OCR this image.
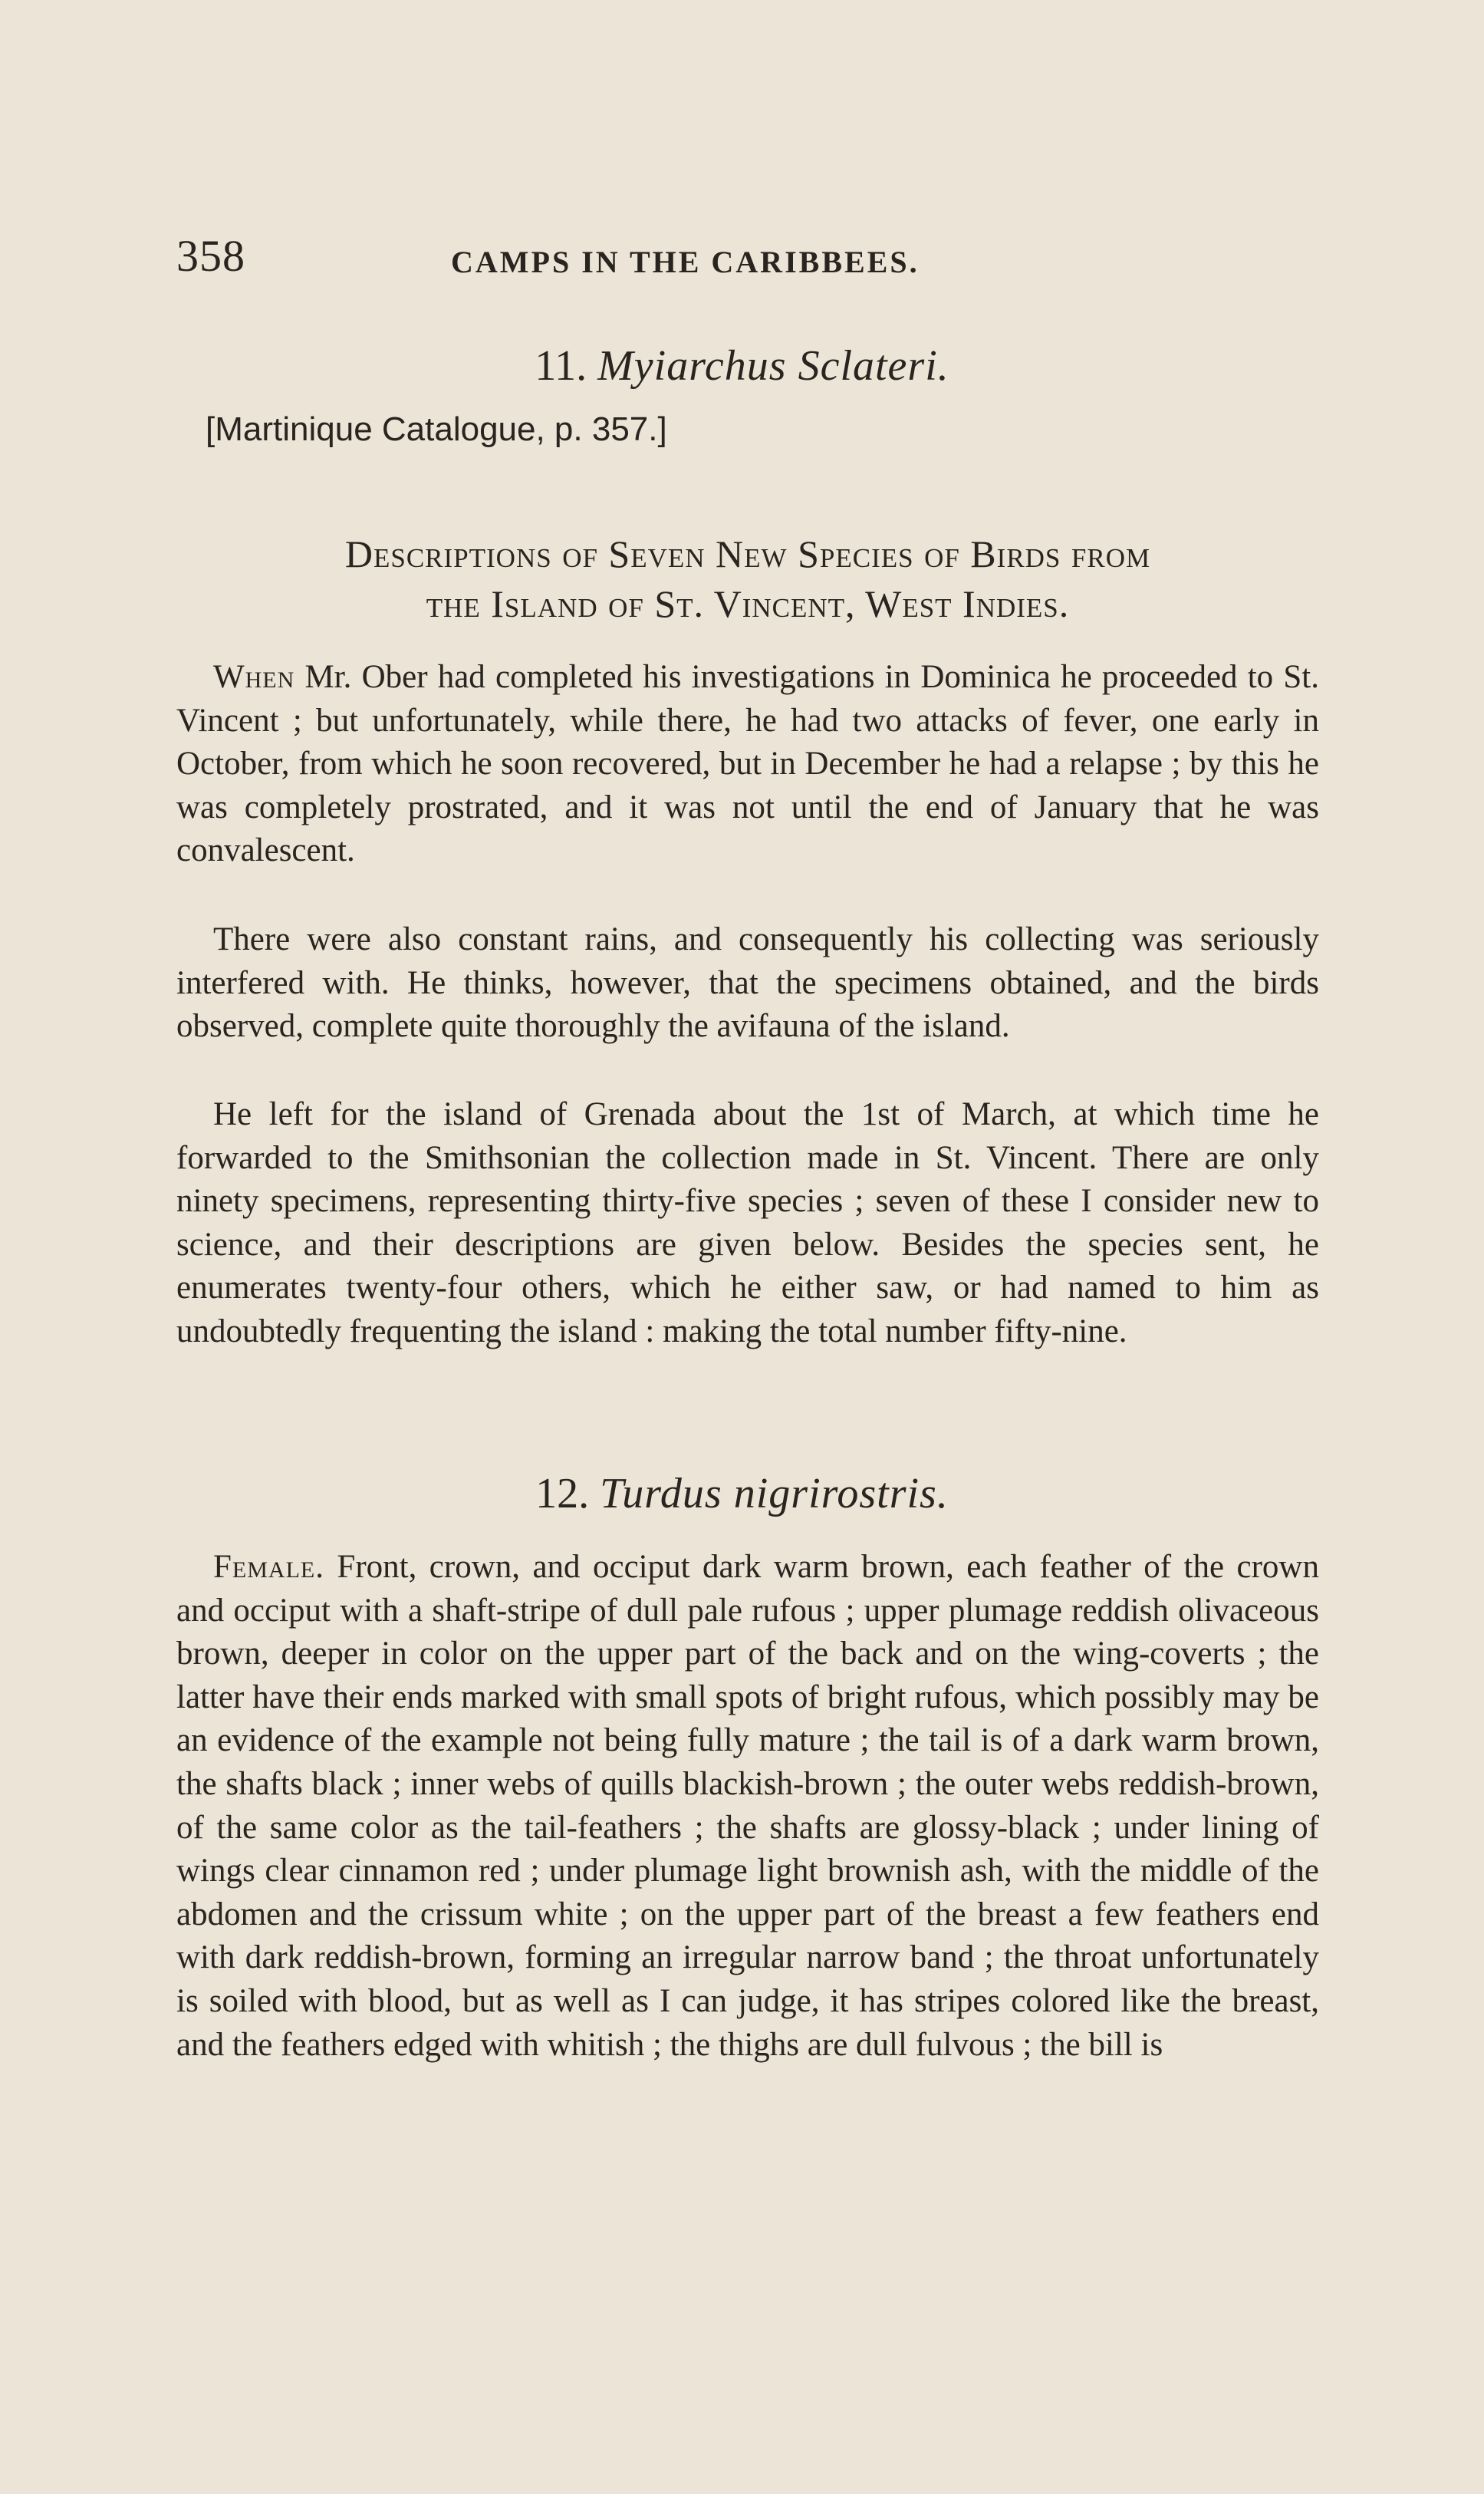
358	CAMPS IN THE CARIBBEES.
11. Myiarchus Sclateri.
[Martinique Catalogue, p. 357.]
Descriptions of Seven New Species of Birds from
the Island of St. Vincent, West Indies.

When Mr. Ober had completed his investigations in Dominica he proceeded to St. Vincent ; but unfortunately, while there, he had two attacks of fever, one early in October, from which he soon recovered, but in December he had a relapse ; by this he was completely prostrated, and it was not until the end of January that he was convalescent.

There were also constant rains, and consequently his collecting was seriously interfered with. He thinks, however, that the specimens obtained, and the birds observed, complete quite thoroughly the avifauna of the island.

He left for the island of Grenada about the 1st of March, at which time he forwarded to the Smithsonian the collection made in St. Vincent. There are only ninety specimens, representing thirty-five species ; seven of these I consider new to science, and their descriptions are given below. Besides the species sent, he enumerates twenty-four others, which he either saw, or had named to him as undoubtedly frequenting the island : making the total number fifty-nine.

12. Turdus nigrirostris.

Female. Front, crown, and occiput dark warm brown, each feather of the crown and occiput with a shaft-stripe of dull pale rufous ; upper plumage reddish olivaceous brown, deeper in color on the upper part of the back and on the wing-coverts ; the latter have their ends marked with small spots of bright rufous, which possibly may be an evidence of the example not being fully mature ; the tail is of a dark warm brown, the shafts black ; inner webs of quills blackish-brown ; the outer webs reddish-brown, of the same color as the tail-feathers ; the shafts are glossy-black ; under lining of wings clear cinnamon red ; under plumage light brownish ash, with the middle of the abdomen and the crissum white ; on the upper part of the breast a few feathers end with dark reddish-brown, forming an irregular narrow band ; the throat unfortunately is soiled with blood, but as well as I can judge, it has stripes colored like the breast, and the feathers edged with whitish ; the thighs are dull fulvous ; the bill is
